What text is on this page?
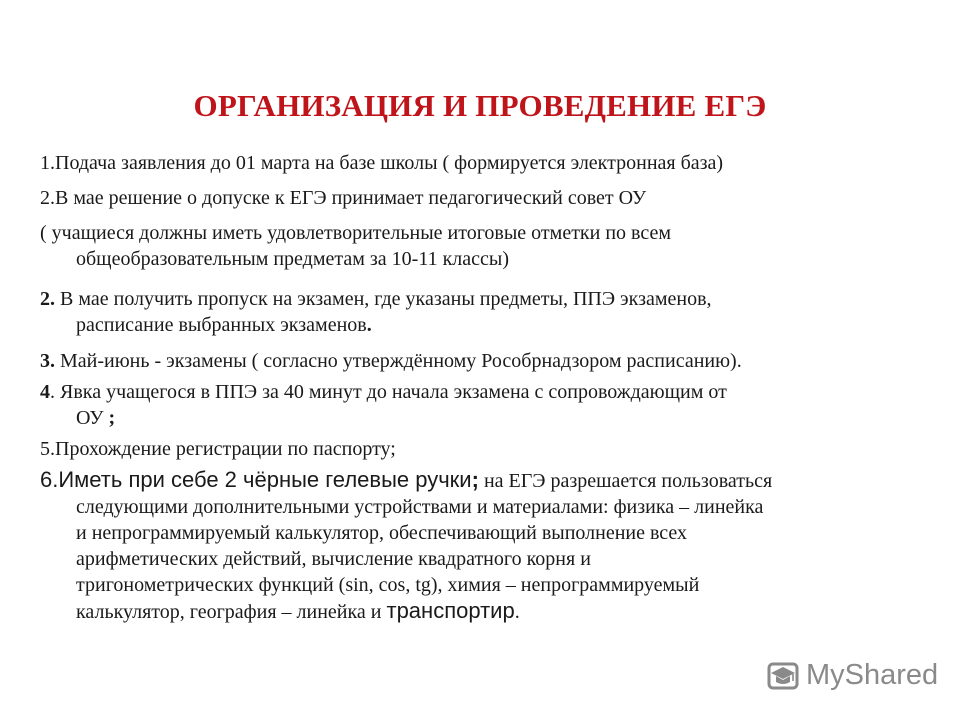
ОРГАНИЗАЦИЯ И ПРОВЕДЕНИЕ ЕГЭ
1.Подача заявления до 01 марта на базе школы ( формируется электронная база)
2.В мае решение о допуске к ЕГЭ принимает педагогический совет ОУ
( учащиеся должны иметь удовлетворительные итоговые отметки по всем
общеобразовательным предметам за 10-11 классы)
2. В мае получить пропуск на экзамен, где указаны предметы, ППЭ экзаменов,
расписание выбранных экзаменов.
3. Май-июнь - экзамены ( согласно утверждённому Рособрнадзором расписанию).
4. Явка учащегося в ППЭ за 40 минут до начала экзамена с сопровождающим от
ОУ ;
5.Прохождение регистрации по паспорту;
6.Иметь при себе 2 чёрные гелевые ручки; на ЕГЭ разрешается пользоваться
следующими дополнительными устройствами и материалами: физика – линейка
и непрограммируемый калькулятор, обеспечивающий выполнение всех
арифметических действий, вычисление квадратного корня и
тригонометрических функций (sin, cos, tg), химия – непрограммируемый
калькулятор, география – линейка и транспортир.
MyShared
